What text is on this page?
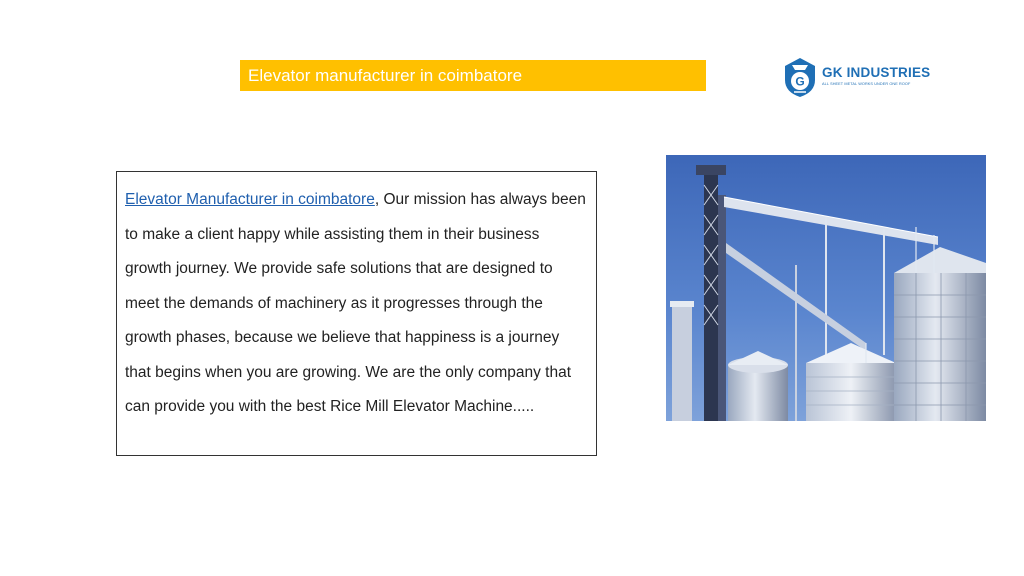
Elevator manufacturer in coimbatore	G
GK INDUSTRIES
ALL SHEET METAL WORKS UNDER ONE ROOF
Elevator Manufacturer in coimbatore, Our mission has always been to make a client happy while assisting them in their business growth journey. We provide safe solutions that are designed to meet the demands of machinery as it progresses through the growth phases, because we believe that happiness is a journey that begins when you are growing. We are the only company that can provide you with the best Rice Mill Elevator Machine.....
